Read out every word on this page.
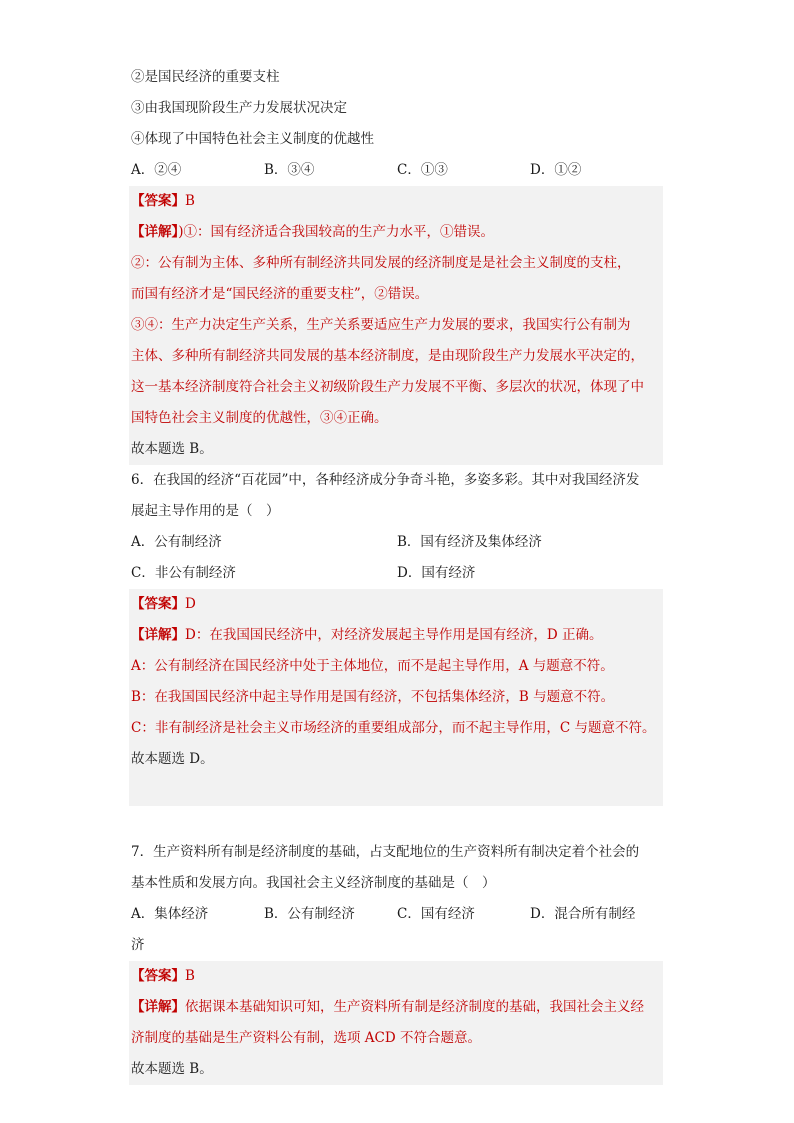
②是国民经济的重要支柱
③由我国现阶段生产力发展状况决定
④体现了中国特色社会主义制度的优越性
A．②④	B．③④	C．①③	D．①②
【答案】B
【详解】)①：国有经济适合我国较高的生产力水平，①错误。
②：公有制为主体、多种所有制经济共同发展的经济制度是是社会主义制度的支柱，
而国有经济才是“国民经济的重要支柱”，②错误。
③④：生产力决定生产关系，生产关系要适应生产力发展的要求，我国实行公有制为
主体、多种所有制经济共同发展的基本经济制度，是由现阶段生产力发展水平决定的，
这一基本经济制度符合社会主义初级阶段生产力发展不平衡、多层次的状况，体现了中
国特色社会主义制度的优越性，③④正确。
故本题选 B。
6．在我国的经济“百花园”中，各种经济成分争奇斗艳，多姿多彩。其中对我国经济发
展起主导作用的是（　）
A．公有制经济	B．国有经济及集体经济
C．非公有制经济	D．国有经济
【答案】D
【详解】D：在我国国民经济中，对经济发展起主导作用是国有经济，D 正确。
A：公有制经济在国民经济中处于主体地位，而不是起主导作用，A 与题意不符。
B：在我国国民经济中起主导作用是国有经济，不包括集体经济，B 与题意不符。
C：非有制经济是社会主义市场经济的重要组成部分，而不起主导作用，C 与题意不符。
故本题选 D。
7．生产资料所有制是经济制度的基础，占支配地位的生产资料所有制决定着个社会的
基本性质和发展方向。我国社会主义经济制度的基础是（　）
A．集体经济	B．公有制经济	C．国有经济	D．混合所有制经
济
【答案】B
【详解】依据课本基础知识可知，生产资料所有制是经济制度的基础，我国社会主义经
济制度的基础是生产资料公有制，选项 ACD 不符合题意。
故本题选 B。
